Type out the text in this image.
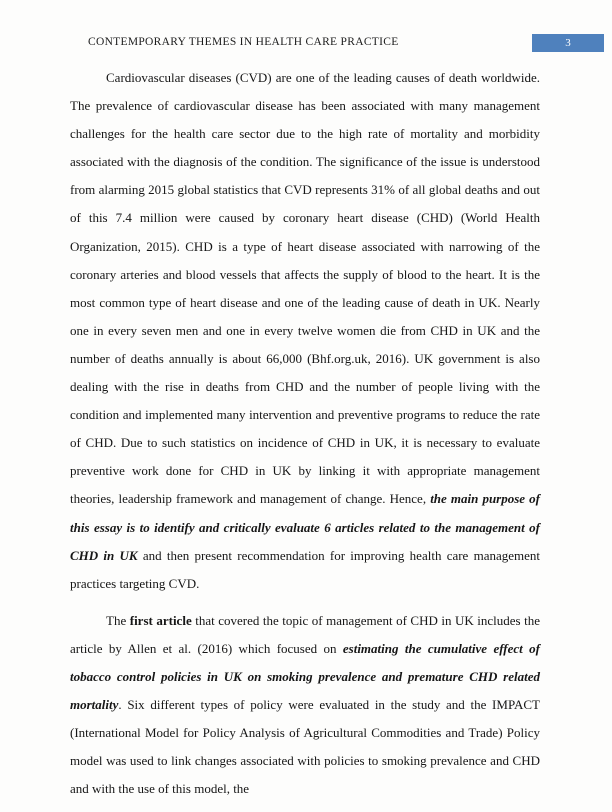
CONTEMPORARY THEMES IN HEALTH CARE PRACTICE	3

Cardiovascular diseases (CVD) are one of the leading causes of death worldwide. The prevalence of cardiovascular disease has been associated with many management challenges for the health care sector due to the high rate of mortality and morbidity associated with the diagnosis of the condition. The significance of the issue is understood from alarming 2015 global statistics that CVD represents 31% of all global deaths and out of this 7.4 million were caused by coronary heart disease (CHD) (World Health Organization, 2015). CHD is a type of heart disease associated with narrowing of the coronary arteries and blood vessels that affects the supply of blood to the heart. It is the most common type of heart disease and one of the leading cause of death in UK. Nearly one in every seven men and one in every twelve women die from CHD in UK and the number of deaths annually is about 66,000 (Bhf.org.uk, 2016). UK government is also dealing with the rise in deaths from CHD and the number of people living with the condition and implemented many intervention and preventive programs to reduce the rate of CHD. Due to such statistics on incidence of CHD in UK, it is necessary to evaluate preventive work done for CHD in UK by linking it with appropriate management theories, leadership framework and management of change. Hence, the main purpose of this essay is to identify and critically evaluate 6 articles related to the management of CHD in UK and then present recommendation for improving health care management practices targeting CVD.

The first article that covered the topic of management of CHD in UK includes the article by Allen et al. (2016) which focused on estimating the cumulative effect of tobacco control policies in UK on smoking prevalence and premature CHD related mortality. Six different types of policy were evaluated in the study and the IMPACT (International Model for Policy Analysis of Agricultural Commodities and Trade) Policy model was used to link changes associated with policies to smoking prevalence and CHD and with the use of this model, the
